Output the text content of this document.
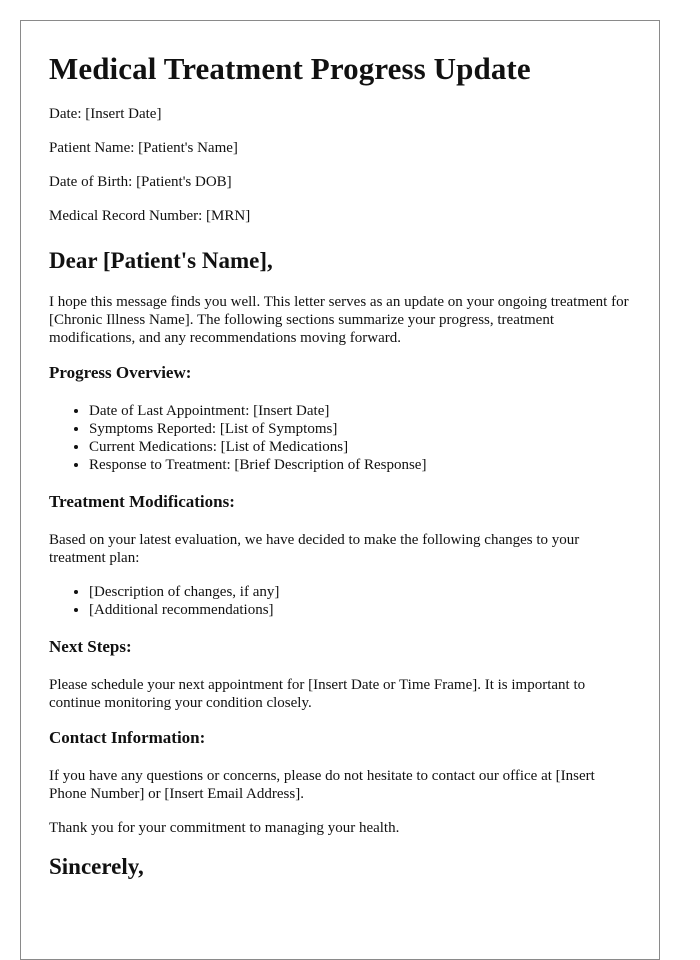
Medical Treatment Progress Update

Date: [Insert Date]

Patient Name: [Patient's Name]

Date of Birth: [Patient's DOB]

Medical Record Number: [MRN]

Dear [Patient's Name],

I hope this message finds you well. This letter serves as an update on your ongoing treatment for [Chronic Illness Name]. The following sections summarize your progress, treatment modifications, and any recommendations moving forward.

Progress Overview:
• Date of Last Appointment: [Insert Date]
• Symptoms Reported: [List of Symptoms]
• Current Medications: [List of Medications]
• Response to Treatment: [Brief Description of Response]
Treatment Modifications:

Based on your latest evaluation, we have decided to make the following changes to your treatment plan:

• [Description of changes, if any]
• [Additional recommendations]
Next Steps:

Please schedule your next appointment for [Insert Date or Time Frame]. It is important to continue monitoring your condition closely.

Contact Information:

If you have any questions or concerns, please do not hesitate to contact our office at [Insert Phone Number] or [Insert Email Address].

Thank you for your commitment to managing your health.

Sincerely,
